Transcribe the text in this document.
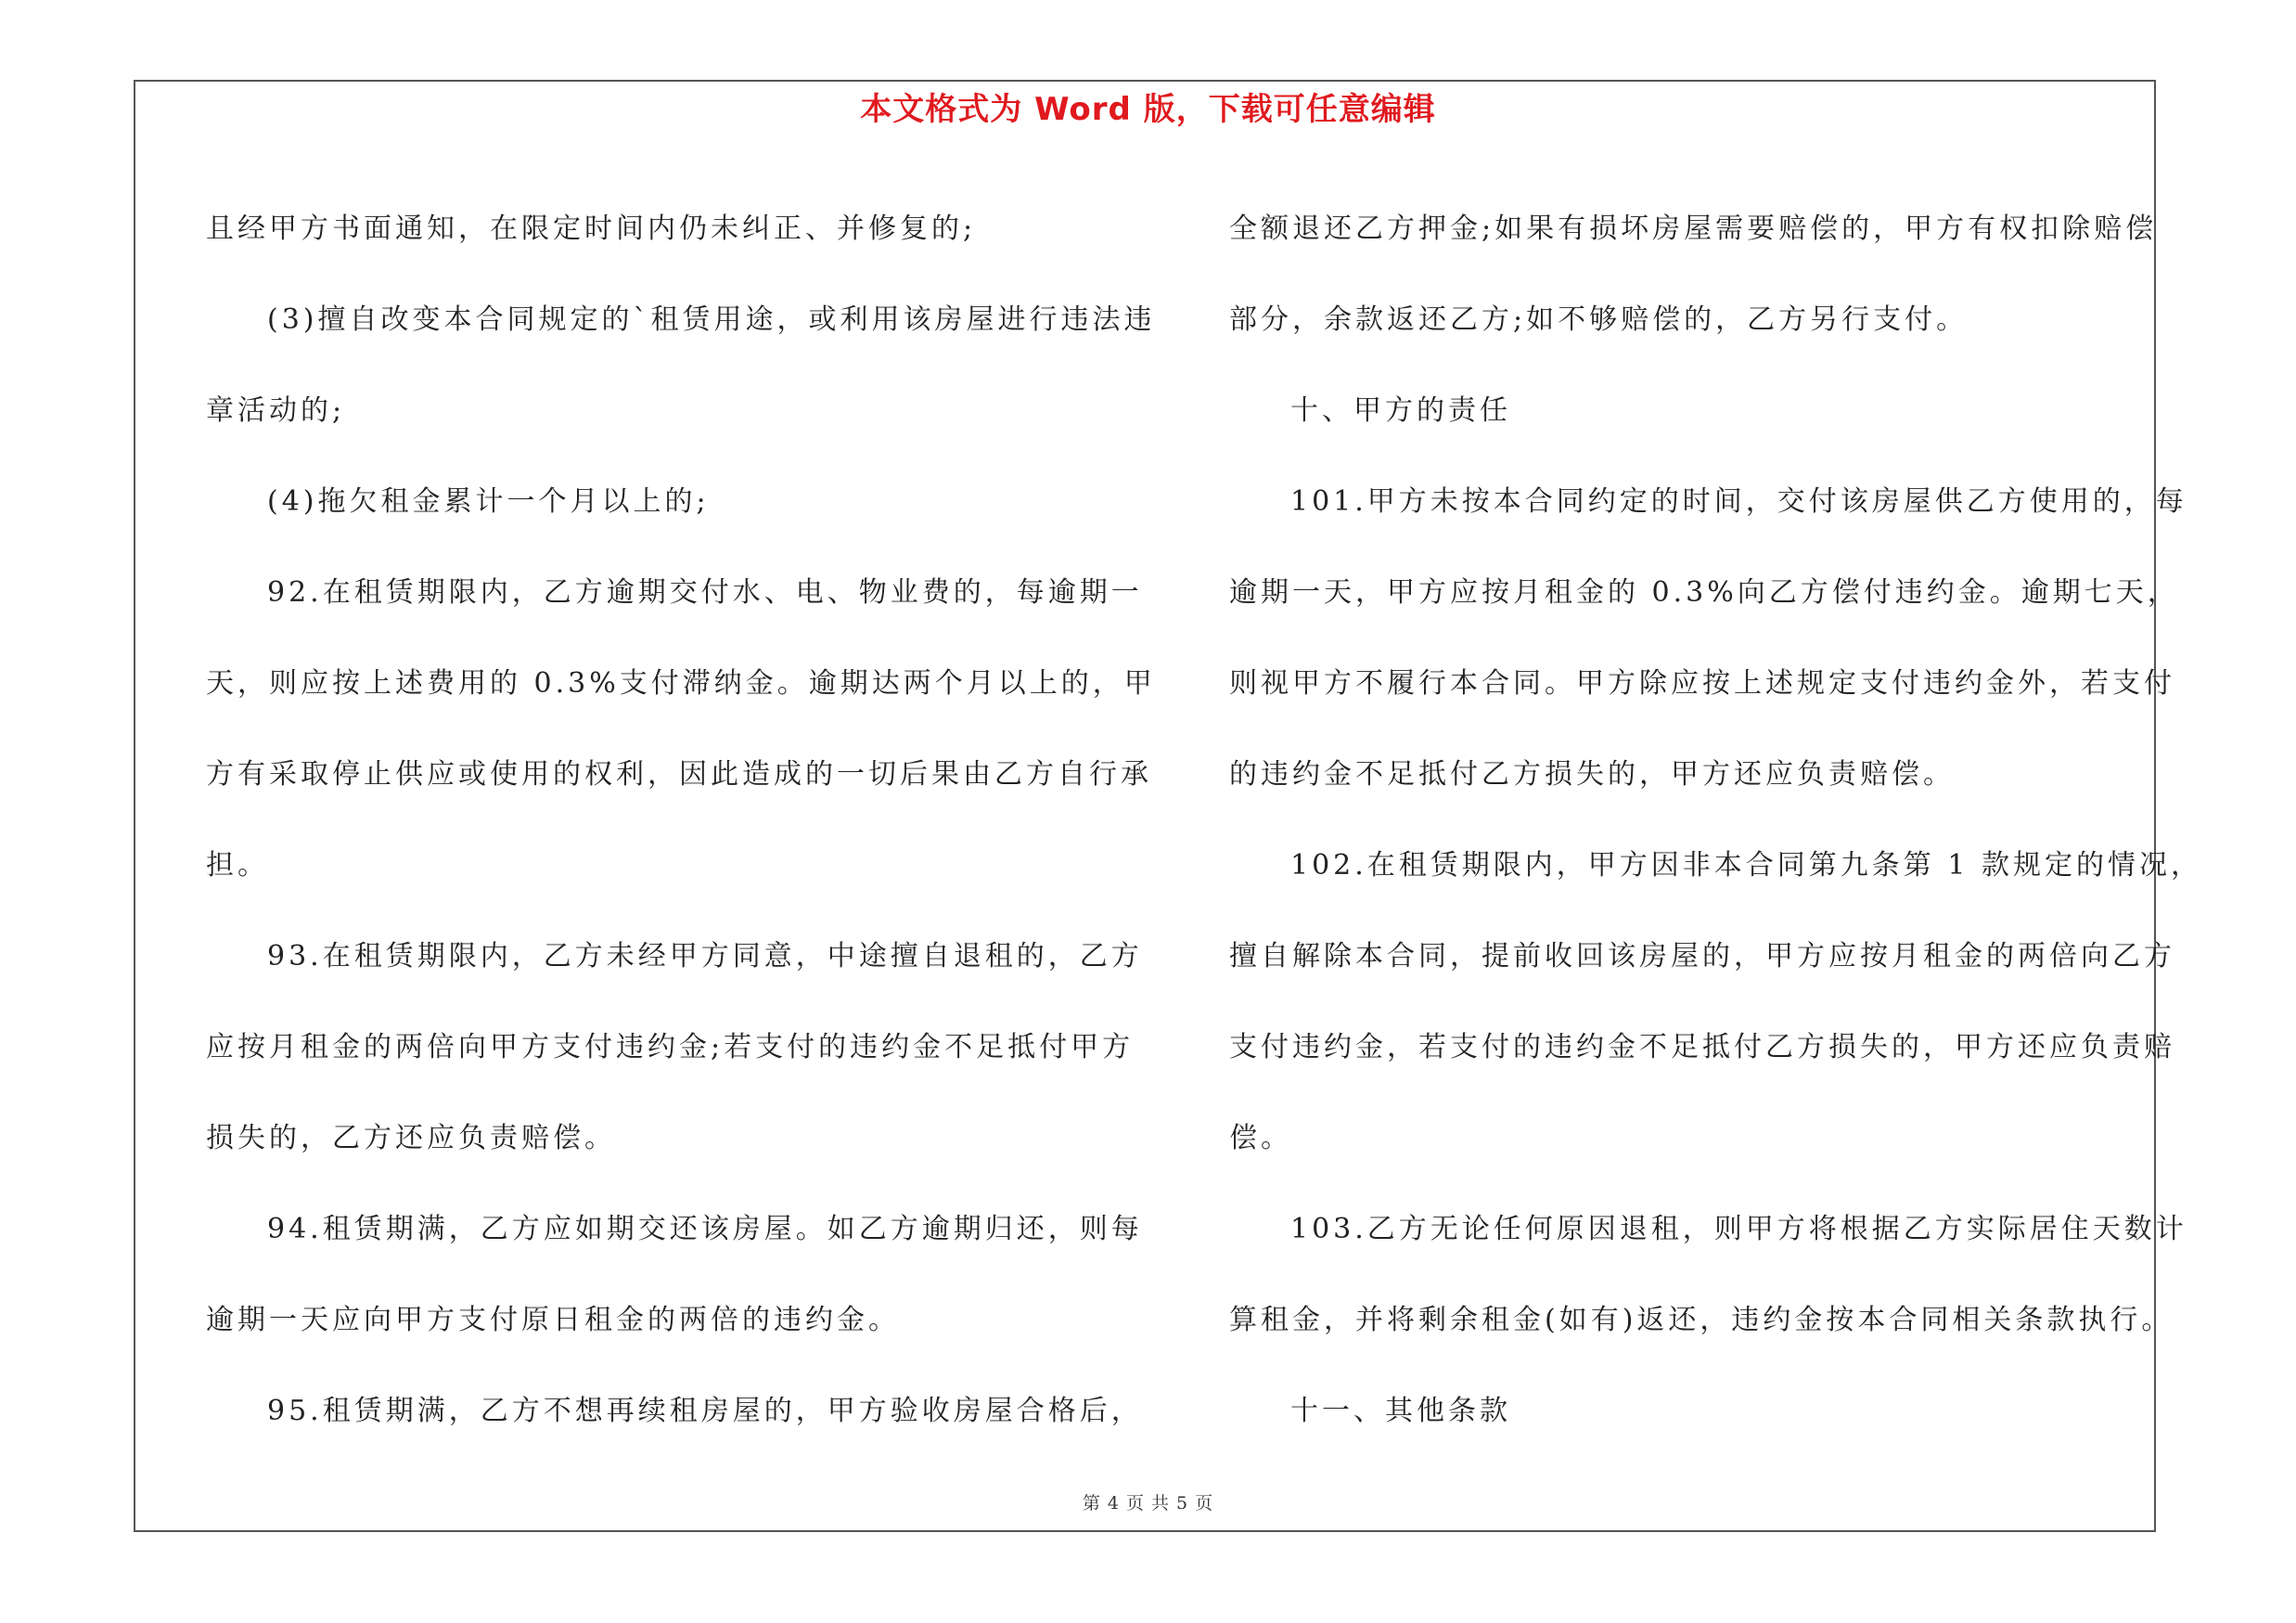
本文格式为 Word 版，下载可任意编辑

且经甲方书面通知，在限定时间内仍未纠正、并修复的;

(3)擅自改变本合同规定的`租赁用途，或利用该房屋进行违法违
章活动的;

(4)拖欠租金累计一个月以上的;

92.在租赁期限内，乙方逾期交付水、电、物业费的，每逾期一
天，则应按上述费用的 0.3%支付滞纳金。逾期达两个月以上的，甲
方有采取停止供应或使用的权利，因此造成的一切后果由乙方自行承
担。

93.在租赁期限内，乙方未经甲方同意，中途擅自退租的，乙方
应按月租金的两倍向甲方支付违约金;若支付的违约金不足抵付甲方
损失的，乙方还应负责赔偿。

94.租赁期满，乙方应如期交还该房屋。如乙方逾期归还，则每
逾期一天应向甲方支付原日租金的两倍的违约金。

95.租赁期满，乙方不想再续租房屋的，甲方验收房屋合格后，

全额退还乙方押金;如果有损坏房屋需要赔偿的，甲方有权扣除赔偿
部分，余款返还乙方;如不够赔偿的，乙方另行支付。

十、甲方的责任

101.甲方未按本合同约定的时间，交付该房屋供乙方使用的，每
逾期一天，甲方应按月租金的 0.3%向乙方偿付违约金。逾期七天，
则视甲方不履行本合同。甲方除应按上述规定支付违约金外，若支付
的违约金不足抵付乙方损失的，甲方还应负责赔偿。

102.在租赁期限内，甲方因非本合同第九条第 1 款规定的情况，
擅自解除本合同，提前收回该房屋的，甲方应按月租金的两倍向乙方
支付违约金，若支付的违约金不足抵付乙方损失的，甲方还应负责赔
偿。

103.乙方无论任何原因退租，则甲方将根据乙方实际居住天数计
算租金，并将剩余租金(如有)返还，违约金按本合同相关条款执行。

十一、其他条款

第 4 页 共 5 页
